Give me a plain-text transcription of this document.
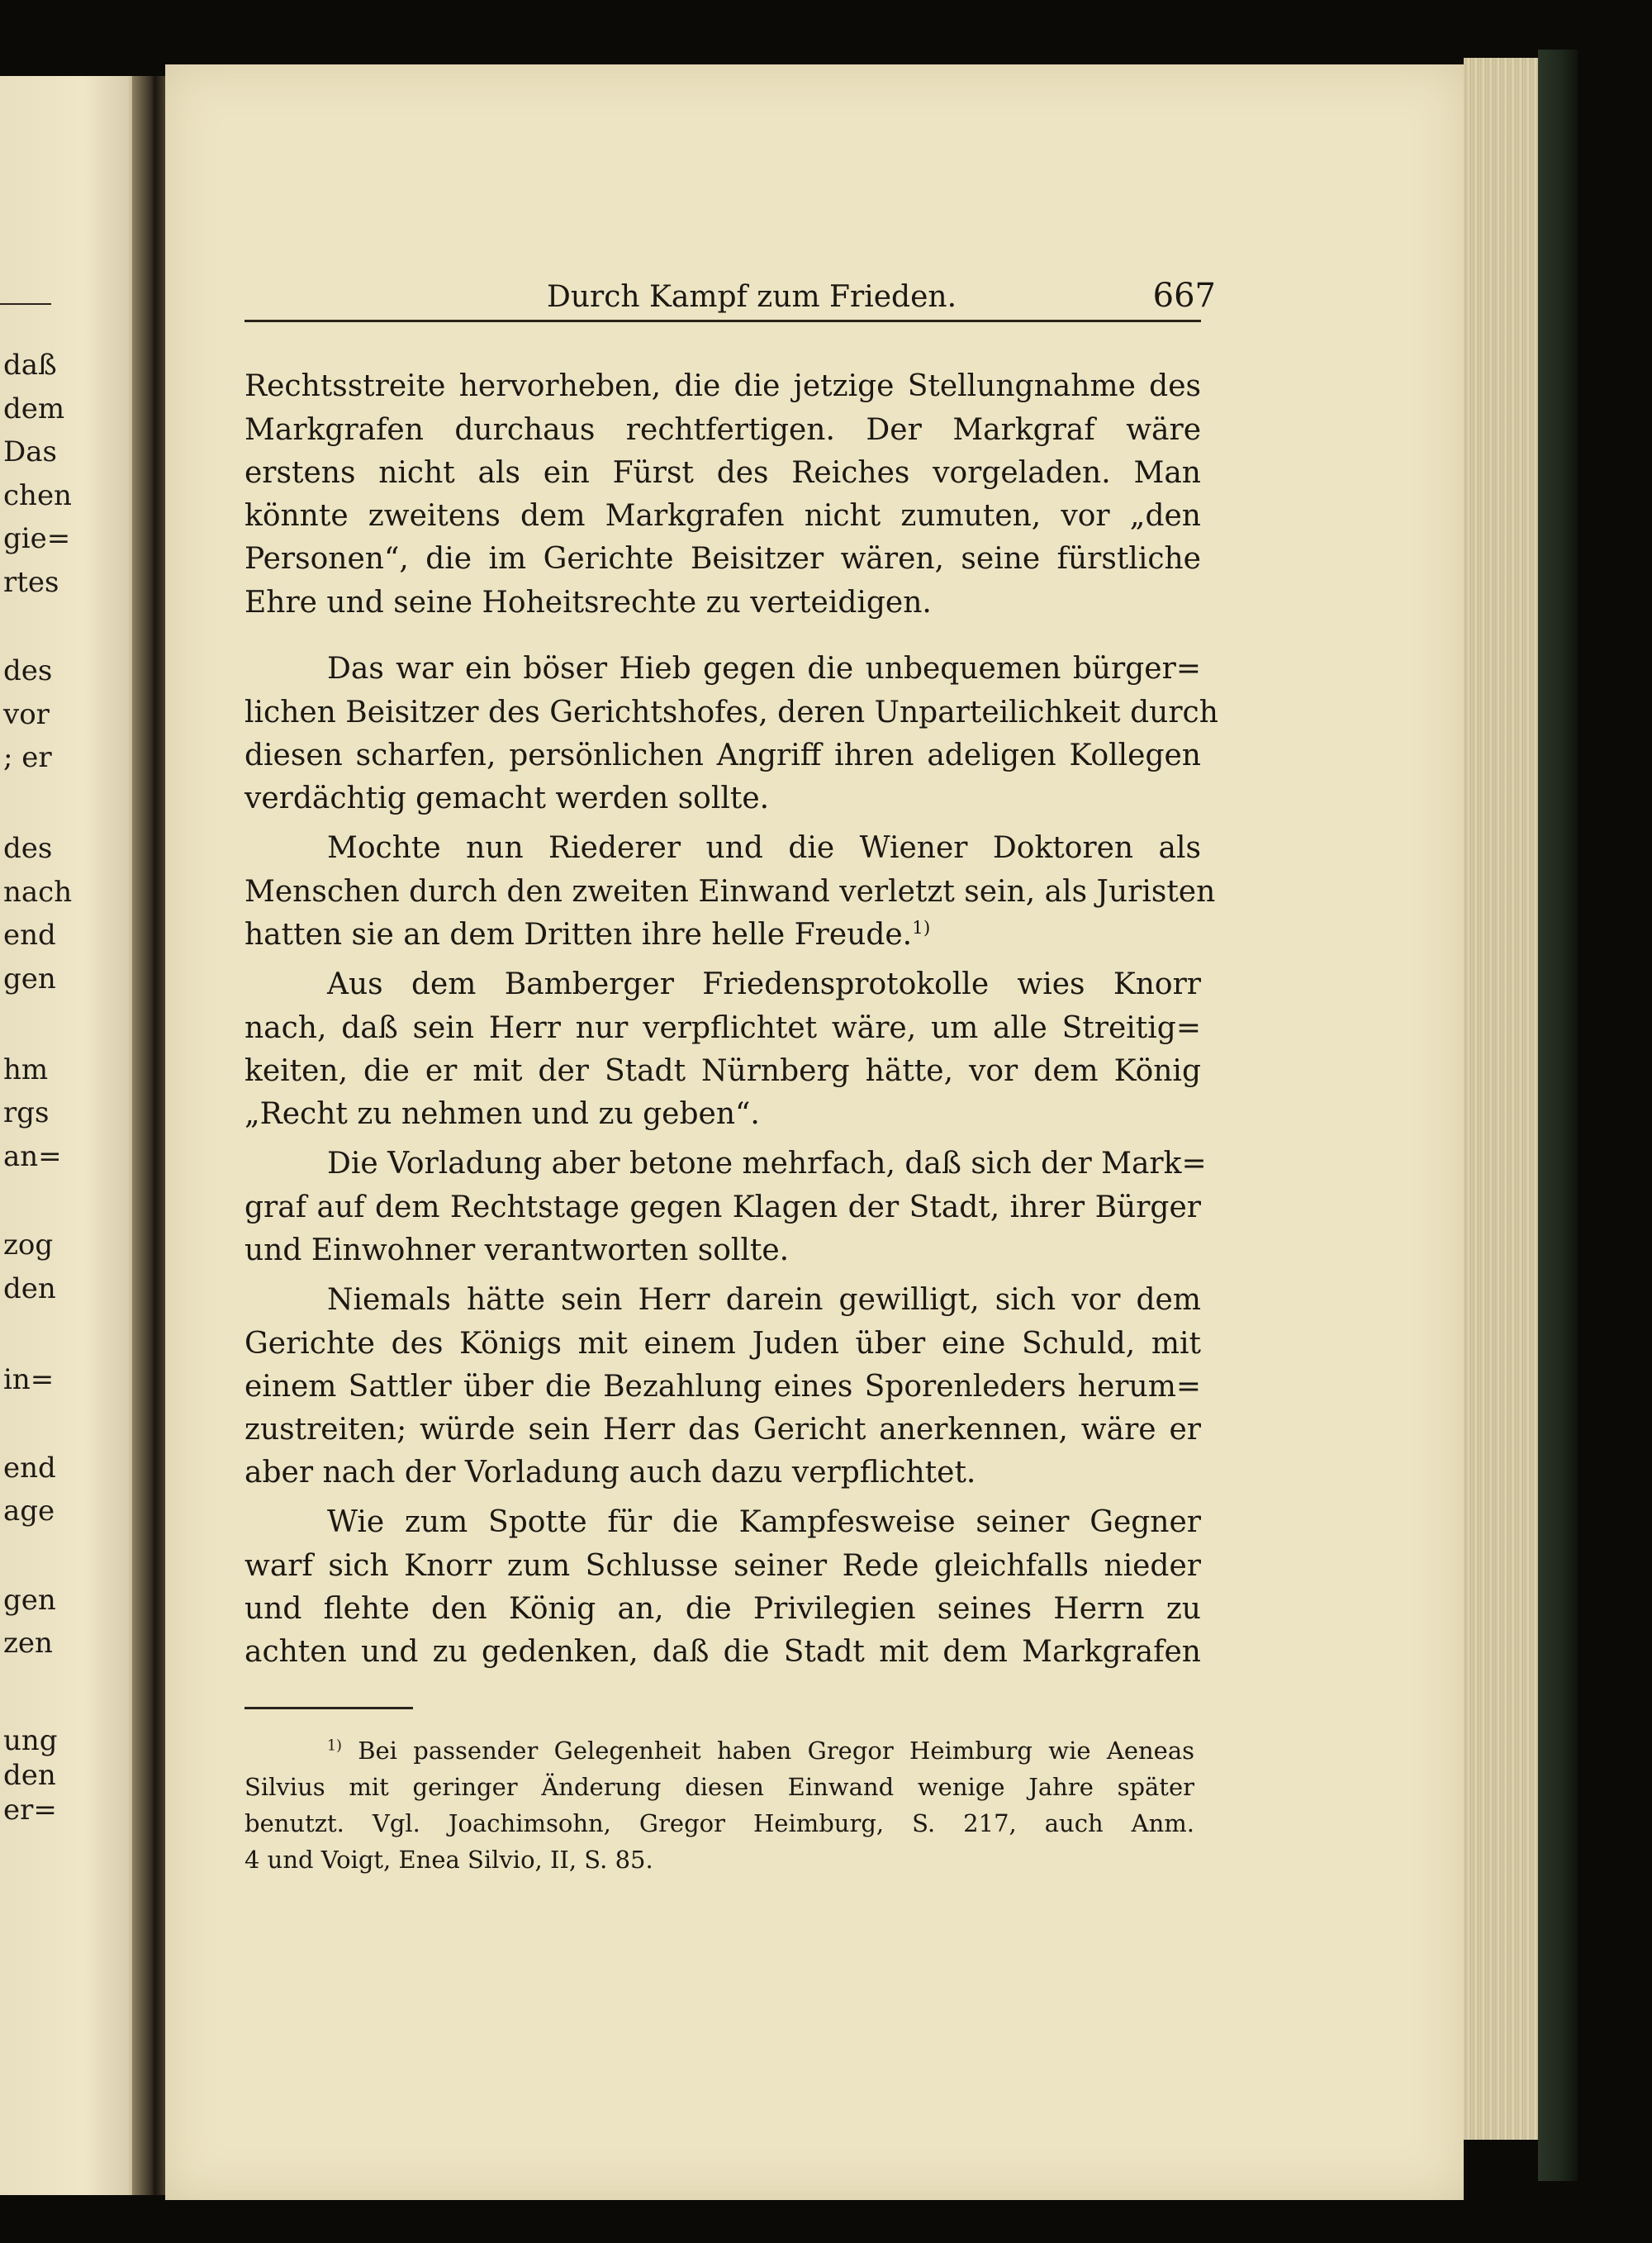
Durch Kampf zum Frieden.	667
daß
dem
Das
chen
gie=
rtes
des
vor
; er
des
nach
end
gen
hm
rgs
an=
zog
den
in=
end
age
gen
zen
ung
den
er=
Rechtsstreite hervorheben, die die jetzige Stellungnahme des
Markgrafen durchaus rechtfertigen. Der Markgraf wäre
erstens nicht als ein Fürst des Reiches vorgeladen. Man
könnte zweitens dem Markgrafen nicht zumuten, vor „den
Personen“, die im Gerichte Beisitzer wären, seine fürstliche
Ehre und seine Hoheitsrechte zu verteidigen.
Das war ein böser Hieb gegen die unbequemen bürger=
lichen Beisitzer des Gerichtshofes, deren Unparteilichkeit durch
diesen scharfen, persönlichen Angriff ihren adeligen Kollegen
verdächtig gemacht werden sollte.
Mochte nun Riederer und die Wiener Doktoren als
Menschen durch den zweiten Einwand verletzt sein, als Juristen
hatten sie an dem Dritten ihre helle Freude.$^{1)}$
Aus dem Bamberger Friedensprotokolle wies Knorr
nach, daß sein Herr nur verpflichtet wäre, um alle Streitig=
keiten, die er mit der Stadt Nürnberg hätte, vor dem König
„Recht zu nehmen und zu geben“.
Die Vorladung aber betone mehrfach, daß sich der Mark=
graf auf dem Rechtstage gegen Klagen der Stadt, ihrer Bürger
und Einwohner verantworten sollte.
Niemals hätte sein Herr darein gewilligt, sich vor dem
Gerichte des Königs mit einem Juden über eine Schuld, mit
einem Sattler über die Bezahlung eines Sporenleders herum=
zustreiten; würde sein Herr das Gericht anerkennen, wäre er
aber nach der Vorladung auch dazu verpflichtet.
Wie zum Spotte für die Kampfesweise seiner Gegner
warf sich Knorr zum Schlusse seiner Rede gleichfalls nieder
und flehte den König an, die Privilegien seines Herrn zu
achten und zu gedenken, daß die Stadt mit dem Markgrafen
$^{1)}$ Bei passender Gelegenheit haben Gregor Heimburg wie Aeneas
Silvius mit geringer Änderung diesen Einwand wenige Jahre später
benutzt. Vgl. Joachimsohn, Gregor Heimburg, S. 217, auch Anm.
4 und Voigt, Enea Silvio, II, S. 85.
